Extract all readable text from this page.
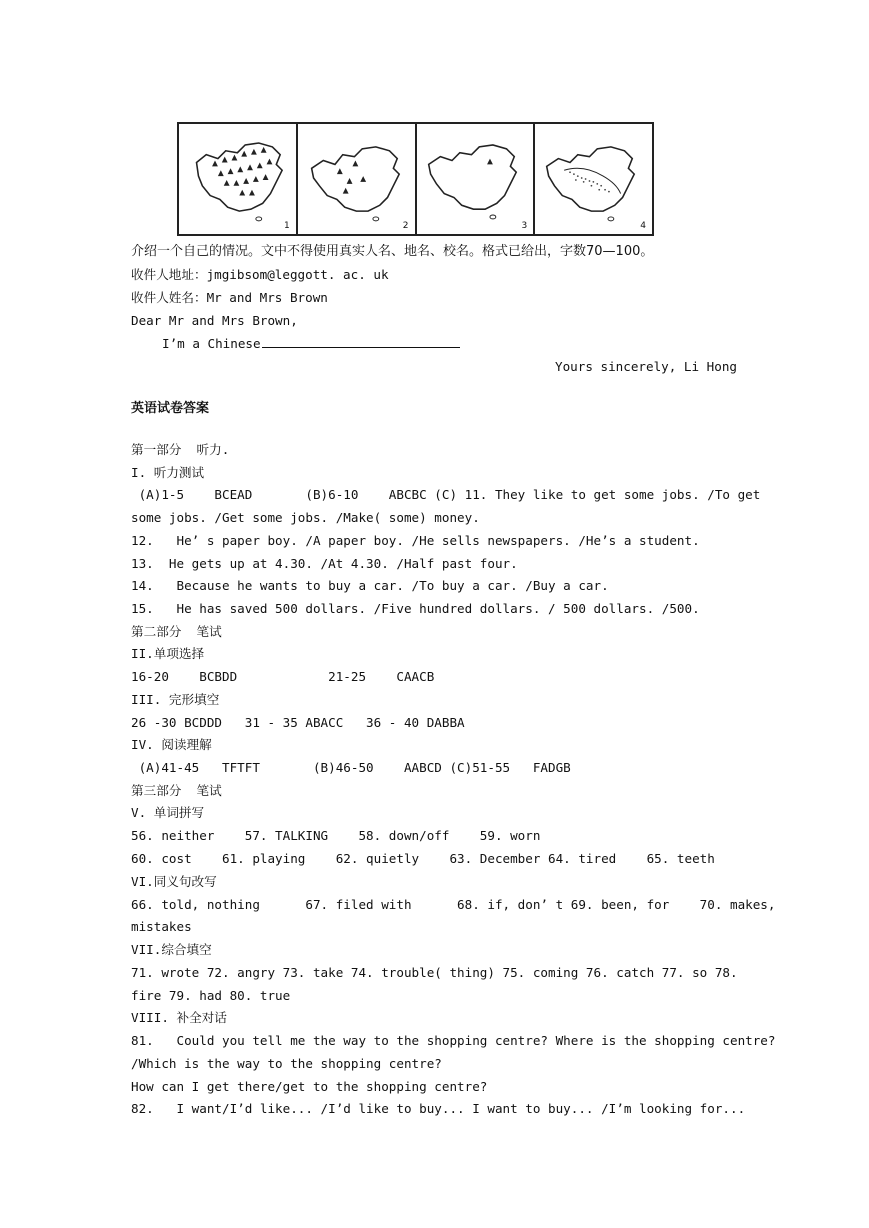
1	2	3	4
介绍一个自己的情况。文中不得使用真实人名、地名、校名。格式已给出，字数70—100。
收件人地址：jmgibsom@leggott. ac. uk
收件人姓名：Mr and Mrs Brown
Dear Mr and Mrs Brown,
I’m a Chinese
Yours sincerely, Li Hong
英语试卷答案
第一部分  听力.
I. 听力测试
(A)1-5    BCEAD       (B)6-10    ABCBC (C) 11. They like to get some jobs. /To get
some jobs. /Get some jobs. /Make( some) money.
12.   He’ s paper boy. /A paper boy. /He sells newspapers. /He’s a student.
13.  He gets up at 4.30. /At 4.30. /Half past four.
14.   Because he wants to buy a car. /To buy a car. /Buy a car.
15.   He has saved 500 dollars. /Five hundred dollars. / 500 dollars. /500.
第二部分  笔试
II.单项选择
16-20    BCBDD            21-25    CAACB
III. 完形填空
26 -30 BCDDD   31 - 35 ABACC   36 - 40 DABBA
IV. 阅读理解
(A)41-45   TFTFT       (B)46-50    AABCD (C)51-55   FADGB
第三部分  笔试
V. 单词拼写
56. neither    57. TALKING    58. down/off    59. worn
60. cost    61. playing    62. quietly    63. December 64. tired    65. teeth
VI.同义句改写
66. told, nothing      67. filed with      68. if, don’ t 69. been, for    70. makes,
mistakes
VII.综合填空
71. wrote 72. angry 73. take 74. trouble( thing) 75. coming 76. catch 77. so 78.
fire 79. had 80. true
VIII. 补全对话
81.   Could you tell me the way to the shopping centre? Where is the shopping centre?
/Which is the way to the shopping centre?
How can I get there/get to the shopping centre?
82.   I want/I’d like... /I’d like to buy... I want to buy... /I’m looking for...
